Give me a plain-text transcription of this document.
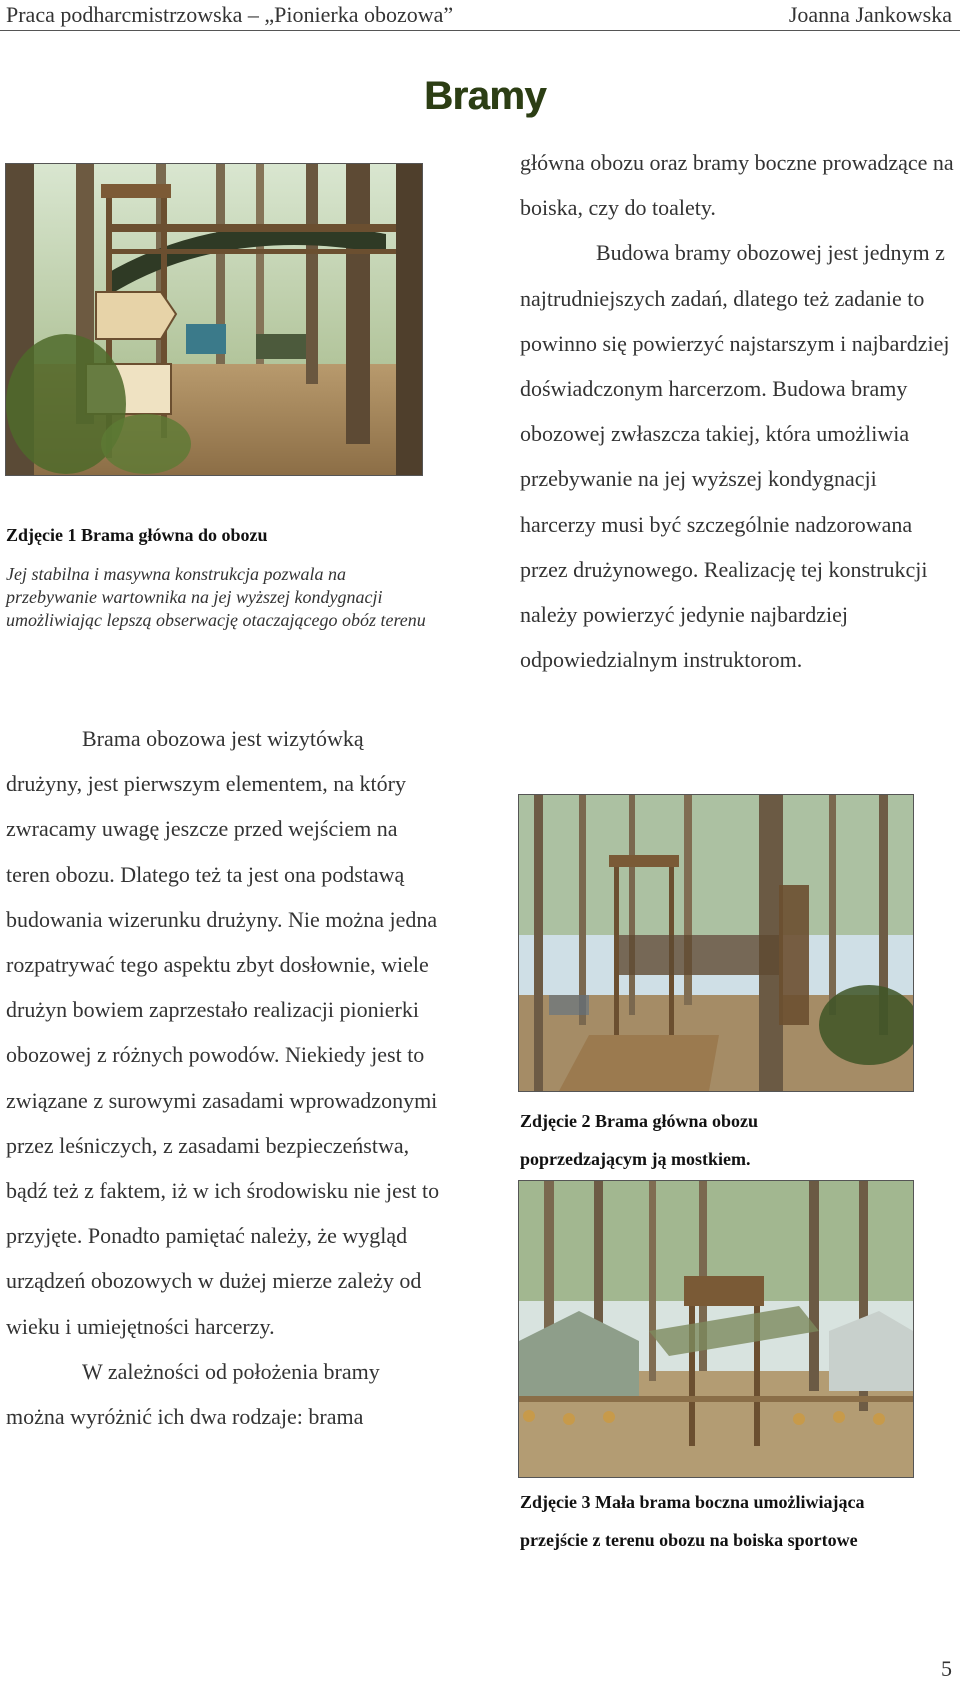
Praca podharcmistrzowska – „Pionierka obozowa”	Joanna Jankowska
Bramy
Zdjęcie 1 Brama główna do obozu
Jej stabilna i masywna konstrukcja pozwala na przebywanie wartownika na jej wyższej kondygnacji umożliwiając lepszą obserwację otaczającego obóz terenu

Brama obozowa jest wizytówką drużyny, jest pierwszym elementem, na który zwracamy uwagę jeszcze przed wejściem na teren obozu. Dlatego też ta jest ona podstawą budowania wizerunku drużyny. Nie można jedna rozpatrywać tego aspektu zbyt dosłownie, wiele drużyn bowiem zaprzestało realizacji pionierki obozowej z różnych powodów. Niekiedy jest to związane z surowymi zasadami wprowadzonymi przez leśniczych, z zasadami bezpieczeństwa, bądź też z faktem, iż w ich środowisku nie jest to przyjęte. Ponadto pamiętać należy, że wygląd urządzeń obozowych w dużej mierze zależy od wieku i umiejętności harcerzy.

W zależności od położenia bramy można wyróżnić ich dwa rodzaje: brama

główna obozu oraz bramy boczne prowadzące na boiska, czy do toalety.

Budowa bramy obozowej jest jednym z najtrudniejszych zadań, dlatego też zadanie to powinno się powierzyć najstarszym i najbardziej doświadczonym harcerzom. Budowa bramy obozowej zwłaszcza takiej, która umożliwia przebywanie na jej wyższej kondygnacji harcerzy musi być szczególnie nadzorowana przez drużynowego. Realizację tej konstrukcji należy powierzyć jedynie najbardziej odpowiedzialnym instruktorom.

Zdjęcie 2 Brama główna obozu
poprzedzającym ją mostkiem.
Zdjęcie 3 Mała brama boczna umożliwiająca
przejście z terenu obozu na boiska sportowe
5
